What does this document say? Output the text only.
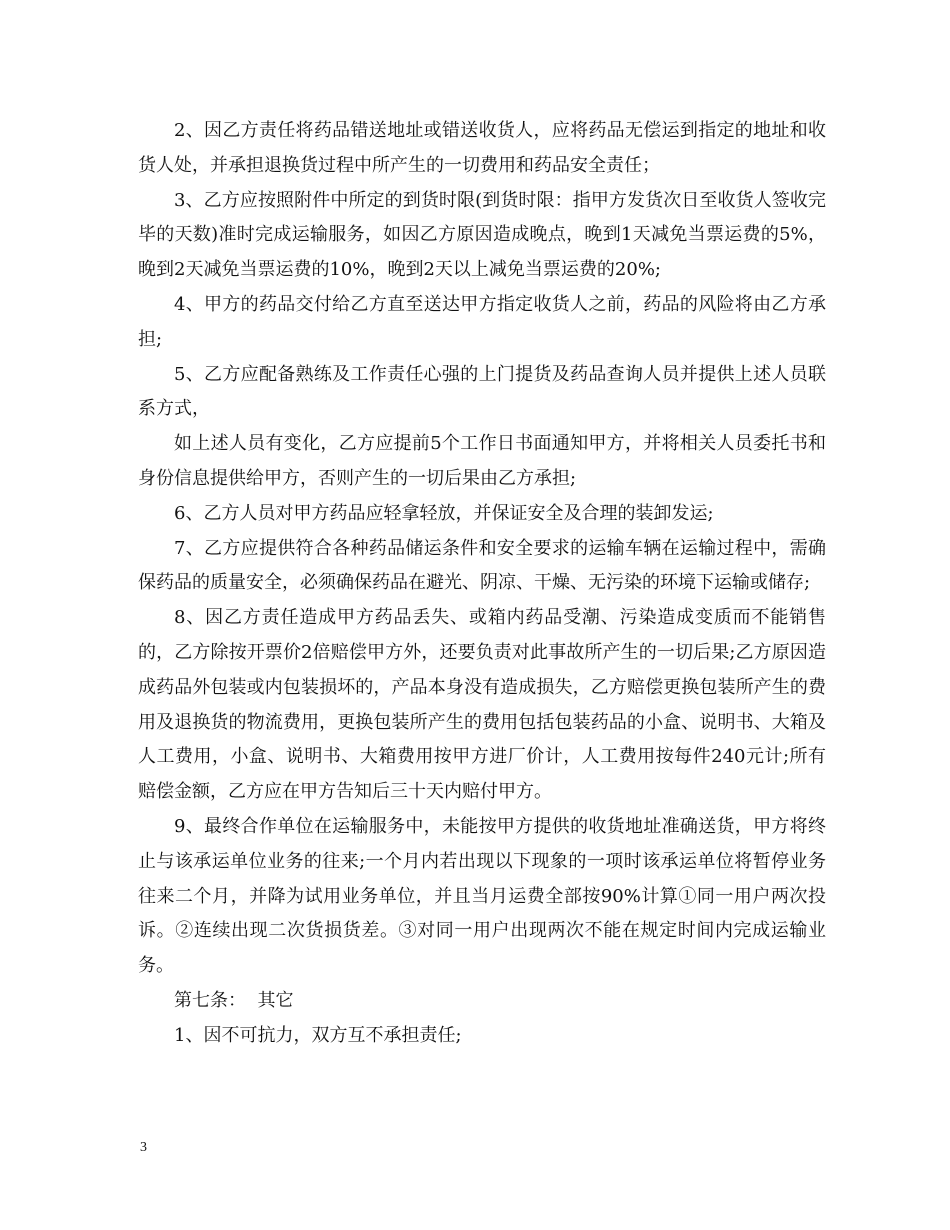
2、因乙方责任将药品错送地址或错送收货人，应将药品无偿运到指定的地址和收货人处，并承担退换货过程中所产生的一切费用和药品安全责任；

3、乙方应按照附件中所定的到货时限(到货时限：指甲方发货次日至收货人签收完毕的天数)准时完成运输服务，如因乙方原因造成晚点，晚到1天减免当票运费的5%，晚到2天减免当票运费的10%，晚到2天以上减免当票运费的20%;

4、甲方的药品交付给乙方直至送达甲方指定收货人之前，药品的风险将由乙方承担;

5、乙方应配备熟练及工作责任心强的上门提货及药品查询人员并提供上述人员联系方式，

如上述人员有变化，乙方应提前5个工作日书面通知甲方，并将相关人员委托书和身份信息提供给甲方，否则产生的一切后果由乙方承担;

6、乙方人员对甲方药品应轻拿轻放，并保证安全及合理的装卸发运;

7、乙方应提供符合各种药品储运条件和安全要求的运输车辆在运输过程中，需确保药品的质量安全，必须确保药品在避光、阴凉、干燥、无污染的环境下运输或储存;

8、因乙方责任造成甲方药品丢失、或箱内药品受潮、污染造成变质而不能销售的，乙方除按开票价2倍赔偿甲方外，还要负责对此事故所产生的一切后果;乙方原因造成药品外包装或内包装损坏的，产品本身没有造成损失，乙方赔偿更换包装所产生的费用及退换货的物流费用，更换包装所产生的费用包括包装药品的小盒、说明书、大箱及人工费用，小盒、说明书、大箱费用按甲方进厂价计，人工费用按每件240元计;所有赔偿金额，乙方应在甲方告知后三十天内赔付甲方。

9、最终合作单位在运输服务中，未能按甲方提供的收货地址准确送货，甲方将终止与该承运单位业务的往来;一个月内若出现以下现象的一项时该承运单位将暂停业务往来二个月，并降为试用业务单位，并且当月运费全部按90%计算①同一用户两次投诉。②连续出现二次货损货差。③对同一用户出现两次不能在规定时间内完成运输业务。

第七条：  其它

1、因不可抗力，双方互不承担责任;

3
